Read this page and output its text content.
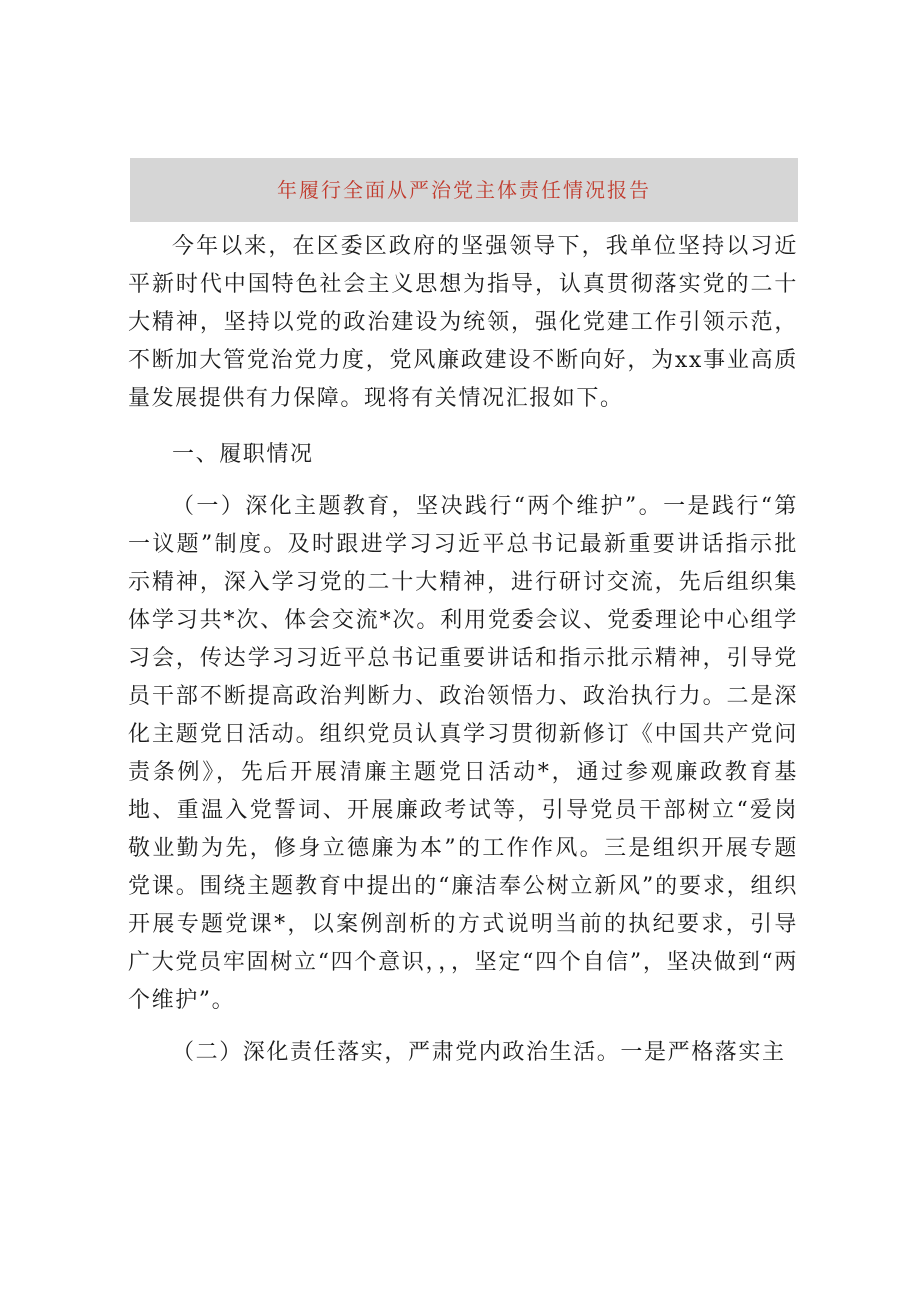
年履行全面从严治党主体责任情况报告

今年以来，在区委区政府的坚强领导下，我单位坚持以习近平新时代中国特色社会主义思想为指导，认真贯彻落实党的二十大精神，坚持以党的政治建设为统领，强化党建工作引领示范，不断加大管党治党力度，党风廉政建设不断向好，为xx事业高质量发展提供有力保障。现将有关情况汇报如下。

一、履职情况

（一）深化主题教育，坚决践行“两个维护”。一是践行“第一议题”制度。及时跟进学习习近平总书记最新重要讲话指示批示精神，深入学习党的二十大精神，进行研讨交流，先后组织集体学习共*次、体会交流*次。利用党委会议、党委理论中心组学习会，传达学习习近平总书记重要讲话和指示批示精神，引导党员干部不断提高政治判断力、政治领悟力、政治执行力。二是深化主题党日活动。组织党员认真学习贯彻新修订《中国共产党问责条例》，先后开展清廉主题党日活动*，通过参观廉政教育基地、重温入党誓词、开展廉政考试等，引导党员干部树立“爱岗敬业勤为先，修身立德廉为本”的工作作风。三是组织开展专题党课。围绕主题教育中提出的“廉洁奉公树立新风”的要求，组织开展专题党课*，以案例剖析的方式说明当前的执纪要求，引导广大党员牢固树立“四个意识，，，坚定“四个自信”，坚决做到“两个维护”。

（二）深化责任落实，严肃党内政治生活。一是严格落实主
